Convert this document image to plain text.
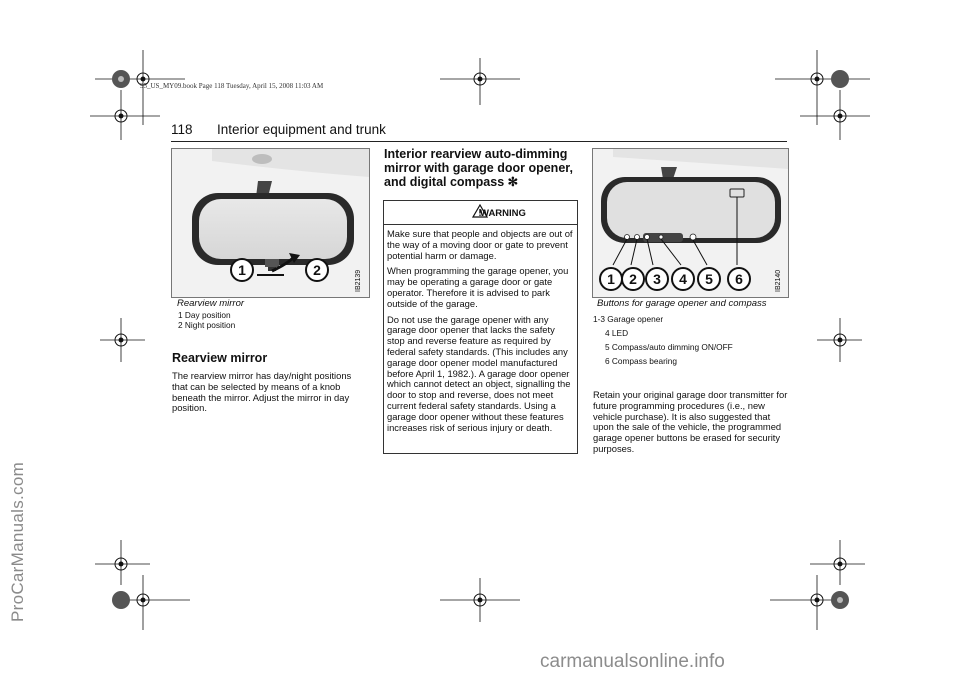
95_US_MY09.book Page 118 Tuesday, April 15, 2008 11:03 AM
ProCarManuals.com
118 Interior equipment and trunk
1	2	IB2139
Rearview mirror
1 Day position
2 Night position
Rearview mirror
The rearview mirror has day/night positions that can be selected by means of a knob beneath the mirror. Adjust the mirror in day position.
Interior rearview auto-dimming mirror with garage door opener, and digital compass ✻
WARNING

Make sure that people and objects are out of the way of a moving door or gate to prevent potential harm or damage.

When programming the garage opener, you may be operating a garage door or gate operator. Therefore it is advised to park outside of the garage.

Do not use the garage opener with any garage door opener that lacks the safety stop and reverse feature as required by federal safety standards. (This includes any garage door opener model manufactured before April 1, 1982.). A garage door opener which cannot detect an object, signalling the door to stop and reverse, does not meet current federal safety standards. Using a garage door opener without these features increases risk of serious injury or death.

1	2	3	4	5	6	IB2140
Buttons for garage opener and compass
1-3 Garage opener
4 LED
5 Compass/auto dimming ON/OFF
6 Compass bearing
Retain your original garage door transmitter for future programming procedures (i.e., new vehicle purchase). It is also suggested that upon the sale of the vehicle, the programmed garage opener buttons be erased for security purposes.
carmanualsonline.info
